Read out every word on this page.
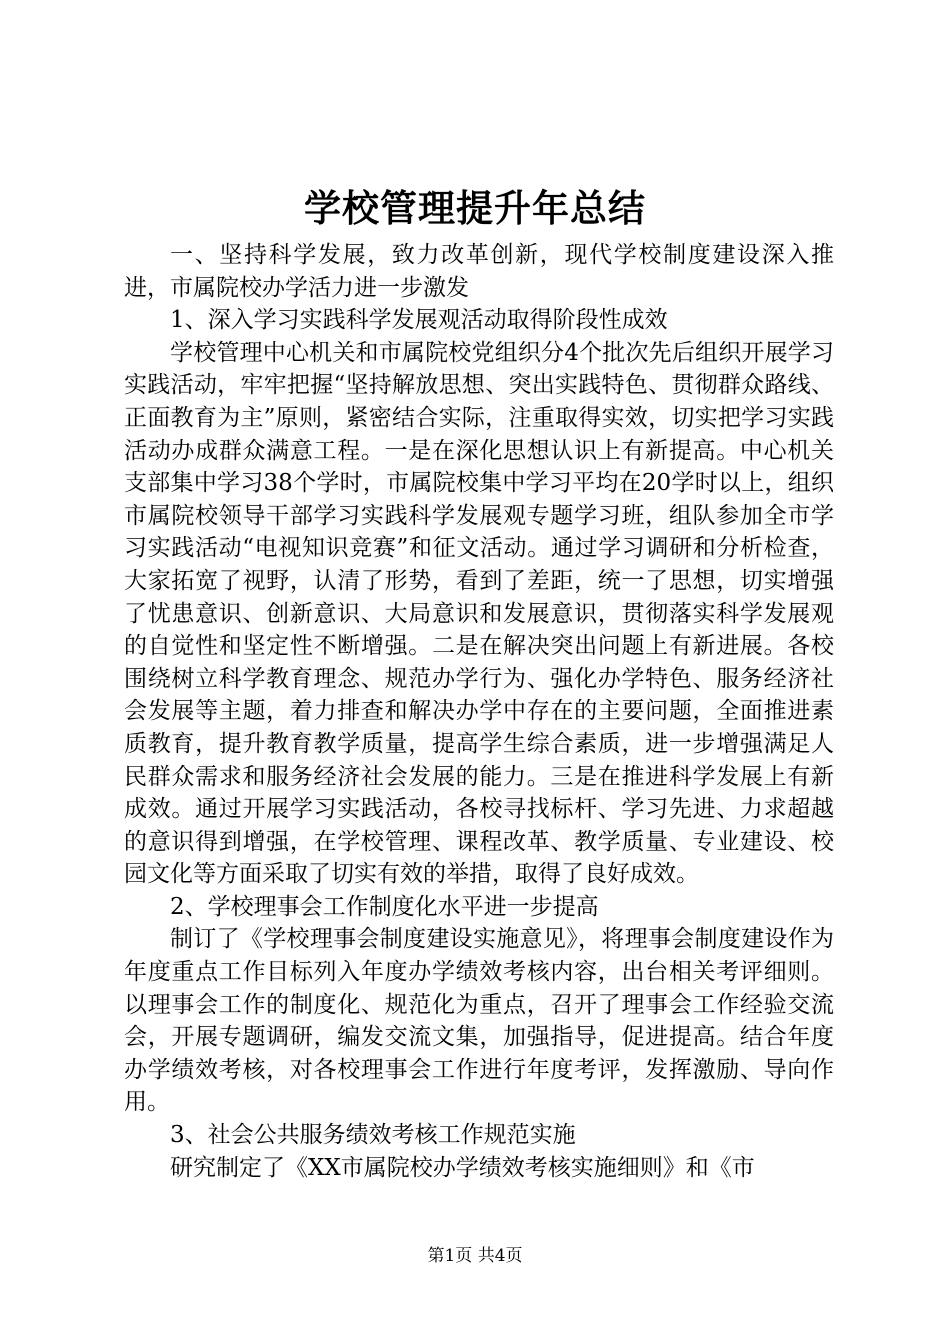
学校管理提升年总结

一、坚持科学发展，致力改革创新，现代学校制度建设深入推进，市属院校办学活力进一步激发

1、深入学习实践科学发展观活动取得阶段性成效

学校管理中心机关和市属院校党组织分4个批次先后组织开展学习实践活动，牢牢把握“坚持解放思想、突出实践特色、贯彻群众路线、正面教育为主”原则，紧密结合实际，注重取得实效，切实把学习实践活动办成群众满意工程。一是在深化思想认识上有新提高。中心机关支部集中学习38个学时，市属院校集中学习平均在20学时以上，组织市属院校领导干部学习实践科学发展观专题学习班，组队参加全市学习实践活动“电视知识竞赛”和征文活动。通过学习调研和分析检查，大家拓宽了视野，认清了形势，看到了差距，统一了思想，切实增强了忧患意识、创新意识、大局意识和发展意识，贯彻落实科学发展观的自觉性和坚定性不断增强。二是在解决突出问题上有新进展。各校围绕树立科学教育理念、规范办学行为、强化办学特色、服务经济社会发展等主题，着力排查和解决办学中存在的主要问题，全面推进素质教育，提升教育教学质量，提高学生综合素质，进一步增强满足人民群众需求和服务经济社会发展的能力。三是在推进科学发展上有新成效。通过开展学习实践活动，各校寻找标杆、学习先进、力求超越的意识得到增强，在学校管理、课程改革、教学质量、专业建设、校园文化等方面采取了切实有效的举措，取得了良好成效。

2、学校理事会工作制度化水平进一步提高

制订了《学校理事会制度建设实施意见》，将理事会制度建设作为年度重点工作目标列入年度办学绩效考核内容，出台相关考评细则。以理事会工作的制度化、规范化为重点，召开了理事会工作经验交流会，开展专题调研，编发交流文集，加强指导，促进提高。结合年度办学绩效考核，对各校理事会工作进行年度考评，发挥激励、导向作用。

3、社会公共服务绩效考核工作规范实施

研究制定了《XX市属院校办学绩效考核实施细则》和《市

第1页 共4页
